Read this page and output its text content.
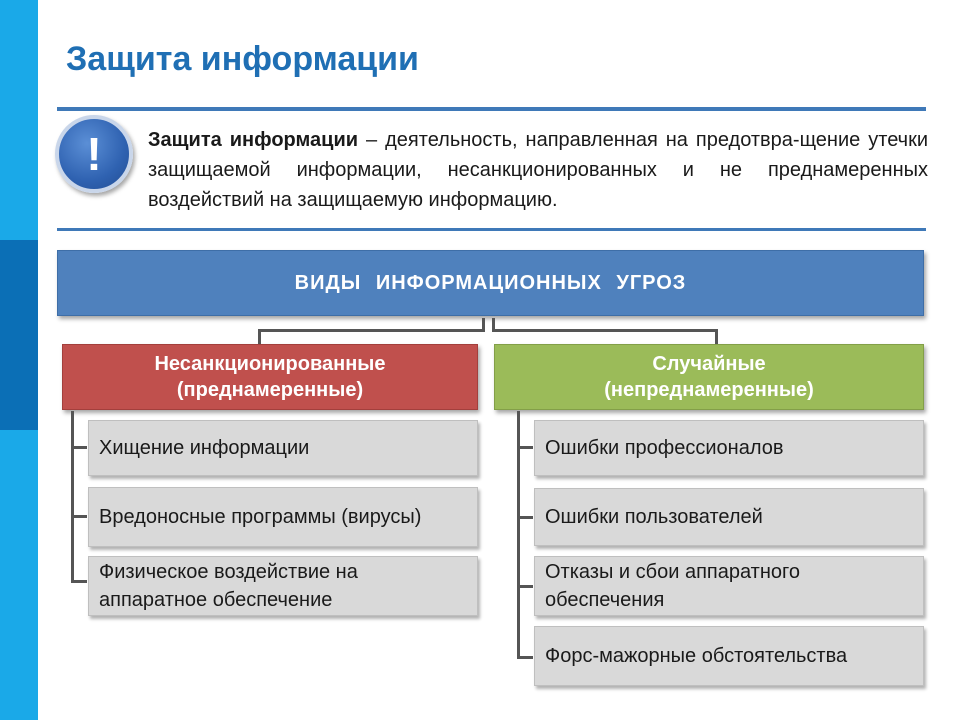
Защита информации
! Защита информации – деятельность, направленная на предотвра-щение утечки защищаемой информации, несанкционированных и не преднамеренных воздействий на защищаемую информацию.
ВИДЫ ИНФОРМАЦИОННЫХ УГРОЗ
Несанкционированные
(преднамеренные)
Случайные
(непреднамеренные)
Хищение информации
Вредоносные программы (вирусы)
Физическое воздействие на аппаратное обеспечение
Ошибки профессионалов
Ошибки пользователей
Отказы и сбои аппаратного обеспечения
Форс-мажорные обстоятельства
